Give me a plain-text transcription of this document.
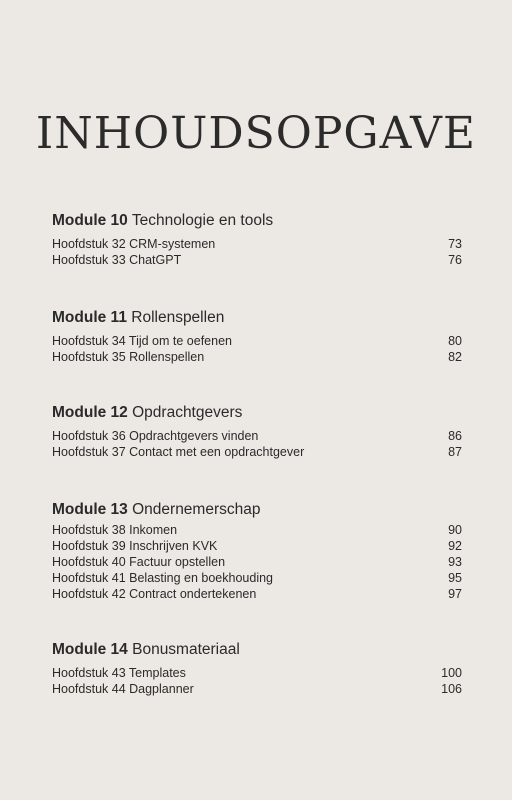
INHOUDSOPGAVE
Module 10 Technologie en tools
Hoofdstuk 32 CRM-systemen	73
Hoofdstuk 33 ChatGPT	76
Module 11 Rollenspellen
Hoofdstuk 34 Tijd om te oefenen	80
Hoofdstuk 35 Rollenspellen	82
Module 12 Opdrachtgevers
Hoofdstuk 36 Opdrachtgevers vinden	86
Hoofdstuk 37 Contact met een opdrachtgever	87
Module 13 Ondernemerschap
Hoofdstuk 38 Inkomen	90
Hoofdstuk 39 Inschrijven KVK	92
Hoofdstuk 40 Factuur opstellen	93
Hoofdstuk 41 Belasting en boekhouding	95
Hoofdstuk 42 Contract ondertekenen	97
Module 14 Bonusmateriaal
Hoofdstuk 43 Templates	100
Hoofdstuk 44 Dagplanner	106
